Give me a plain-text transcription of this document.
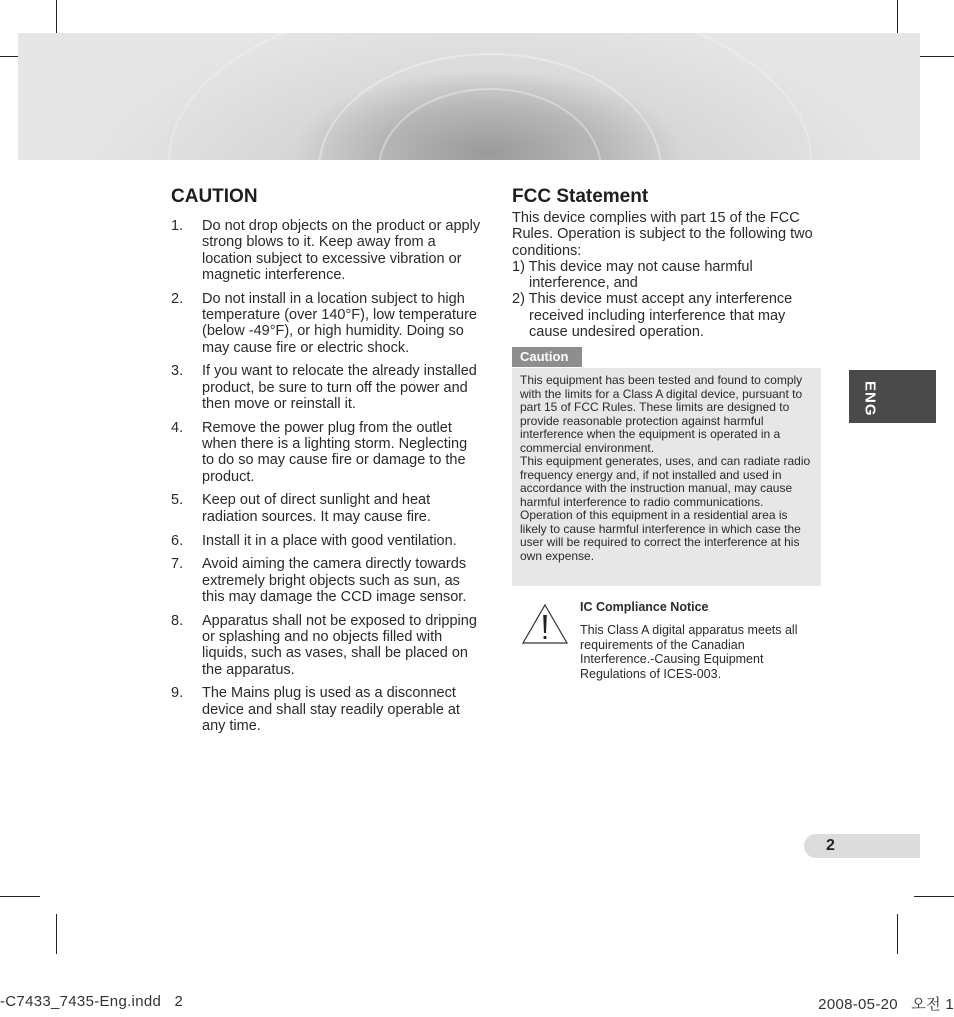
CAUTION
1. Do not drop objects on the product or apply strong blows to it. Keep away from a location subject to excessive vibration or magnetic interference.
2. Do not install in a location subject to high temperature (over 140°F), low temperature (below -49°F), or high humidity. Doing so may cause fire or electric shock.
3. If you want to relocate the already installed product, be sure to turn off the power and then move or reinstall it.
4. Remove the power plug from the outlet when there is a lighting storm. Neglecting to do so may cause fire or damage to the product.
5. Keep out of direct sunlight and heat radiation sources. It may cause fire.
6. Install it in a place with good ventilation.
7. Avoid aiming the camera directly towards extremely bright objects such as sun, as this may damage the CCD image sensor.
8. Apparatus shall not be exposed to dripping or splashing and no objects filled with liquids, such as vases, shall be placed on the apparatus.
9. The Mains plug is used as a disconnect device and shall stay readily operable at any time.
FCC Statement

This device complies with part 15 of the FCC Rules. Operation is subject to the following two conditions:

1) This device may not cause harmful interference, and

2) This device must accept any interference received including interference that may cause undesired operation.

Caution

This equipment has been tested and found to comply with the limits for a Class A digital device, pursuant to part 15 of FCC Rules. These limits are designed to provide reasonable protection against harmful interference when the equipment is operated in a commercial environment.

This equipment generates, uses, and can radiate radio frequency energy and, if not installed and used in accordance with the instruction manual, may cause harmful interference to radio communications. Operation of this equipment in a residential area is likely to cause harmful interference in which case the user will be required to correct the interference at his own expense.

IC Compliance Notice

This Class A digital apparatus meets all requirements of the Canadian Interference.-Causing Equipment Regulations of ICES-003.

ENG
2
-C7433_7435-Eng.indd   2	2008-05-20   오전 1
